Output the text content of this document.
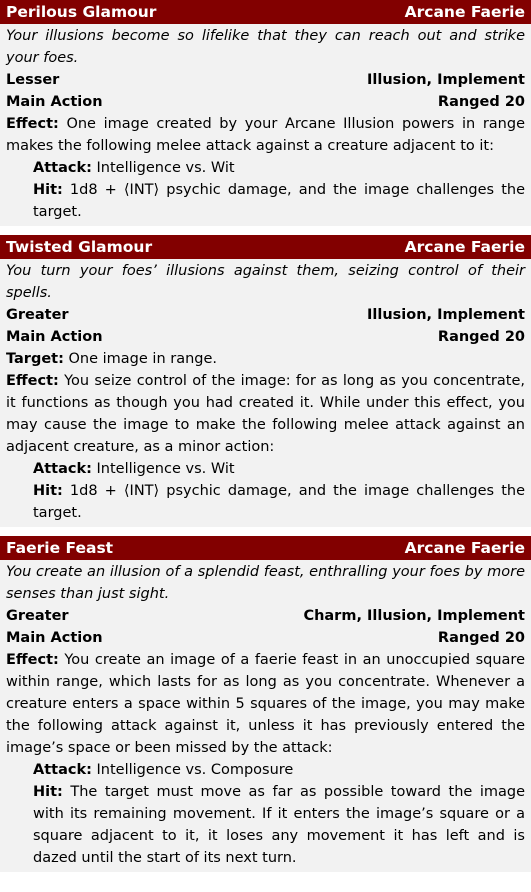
Perilous Glamour	Arcane Faerie
Your illusions become so lifelike that they can reach out and strike your foes.
Lesser	Illusion, Implement
Main Action	Ranged 20
Effect: One image created by your Arcane Illusion powers in range makes the following melee attack against a creature adjacent to it:
Attack: Intelligence vs. Wit
Hit: 1d8 + ⟨INT⟩ psychic damage, and the image challenges the target.
Twisted Glamour	Arcane Faerie
You turn your foes’ illusions against them, seizing control of their spells.
Greater	Illusion, Implement
Main Action	Ranged 20
Target: One image in range.
Effect: You seize control of the image: for as long as you concentrate, it functions as though you had created it. While under this effect, you may cause the image to make the following melee attack against an adjacent creature, as a minor action:
Attack: Intelligence vs. Wit
Hit: 1d8 + ⟨INT⟩ psychic damage, and the image challenges the target.
Faerie Feast	Arcane Faerie
You create an illusion of a splendid feast, enthralling your foes by more senses than just sight.
Greater	Charm, Illusion, Implement
Main Action	Ranged 20
Effect: You create an image of a faerie feast in an unoccupied square within range, which lasts for as long as you concentrate. Whenever a creature enters a space within 5 squares of the image, you may make the following attack against it, unless it has previously entered the image’s space or been missed by the attack:
Attack: Intelligence vs. Composure
Hit: The target must move as far as possible toward the image with its remaining movement. If it enters the image’s square or a square adjacent to it, it loses any movement it has left and is dazed until the start of its next turn.
